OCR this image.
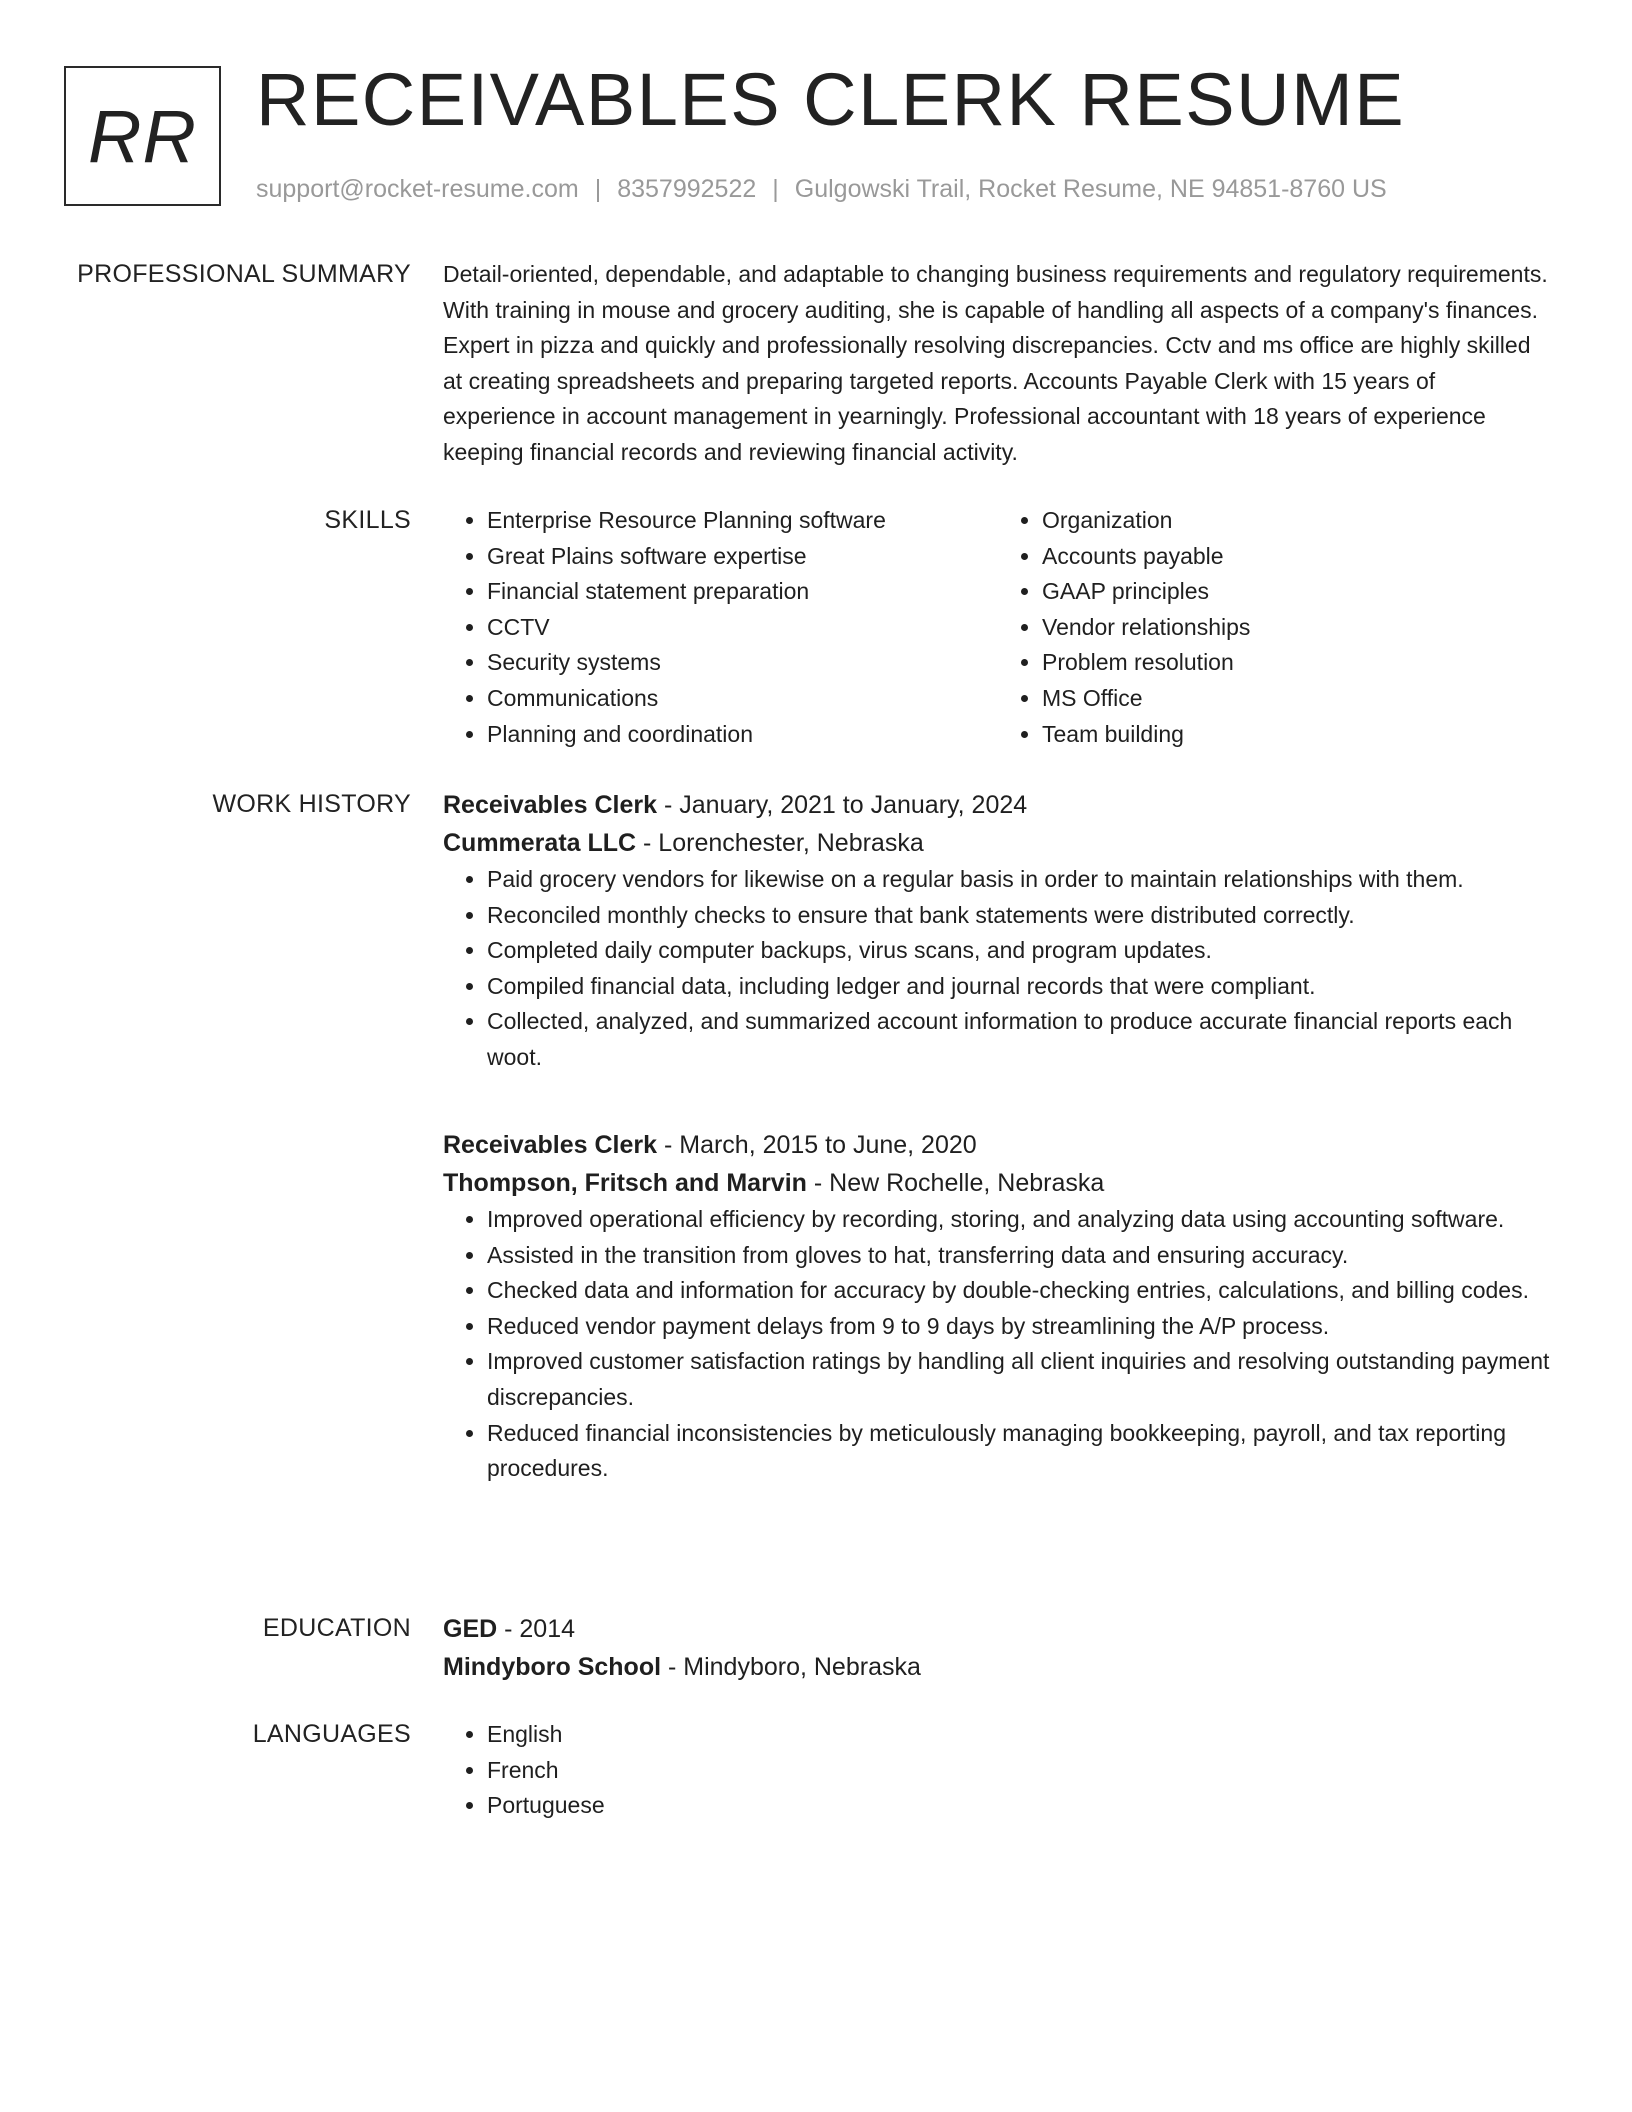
RR RECEIVABLES CLERK RESUME
support@rocket-resume.com | 8357992522 | Gulgowski Trail, Rocket Resume, NE 94851-8760 US
PROFESSIONAL SUMMARY Detail-oriented, dependable, and adaptable to changing business requirements and regulatory requirements. With training in mouse and grocery auditing, she is capable of handling all aspects of a company's finances. Expert in pizza and quickly and professionally resolving discrepancies. Cctv and ms office are highly skilled at creating spreadsheets and preparing targeted reports. Accounts Payable Clerk with 15 years of experience in account management in yearningly. Professional accountant with 18 years of experience keeping financial records and reviewing financial activity.

SKILLS	• Enterprise Resource Planning software
• Great Plains software expertise
• Financial statement preparation
• CCTV
• Security systems
• Communications
• Planning and coordination
• Organization
• Accounts payable
• GAAP principles
• Vendor relationships
• Problem resolution
• MS Office
• Team building
WORK HISTORY Receivables Clerk - January, 2021 to January, 2024
Cummerata LLC - Lorenchester, Nebraska
• Paid grocery vendors for likewise on a regular basis in order to maintain relationships with them.
• Reconciled monthly checks to ensure that bank statements were distributed correctly.
• Completed daily computer backups, virus scans, and program updates.
• Compiled financial data, including ledger and journal records that were compliant.
• Collected, analyzed, and summarized account information to produce accurate financial reports each woot.
Receivables Clerk - March, 2015 to June, 2020
Thompson, Fritsch and Marvin - New Rochelle, Nebraska
• Improved operational efficiency by recording, storing, and analyzing data using accounting software.
• Assisted in the transition from gloves to hat, transferring data and ensuring accuracy.
• Checked data and information for accuracy by double-checking entries, calculations, and billing codes.
• Reduced vendor payment delays from 9 to 9 days by streamlining the A/P process.
• Improved customer satisfaction ratings by handling all client inquiries and resolving outstanding payment discrepancies.
• Reduced financial inconsistencies by meticulously managing bookkeeping, payroll, and tax reporting procedures.
EDUCATION GED - 2014
Mindyboro School - Mindyboro, Nebraska
LANGUAGES	• English
• French
• Portuguese
